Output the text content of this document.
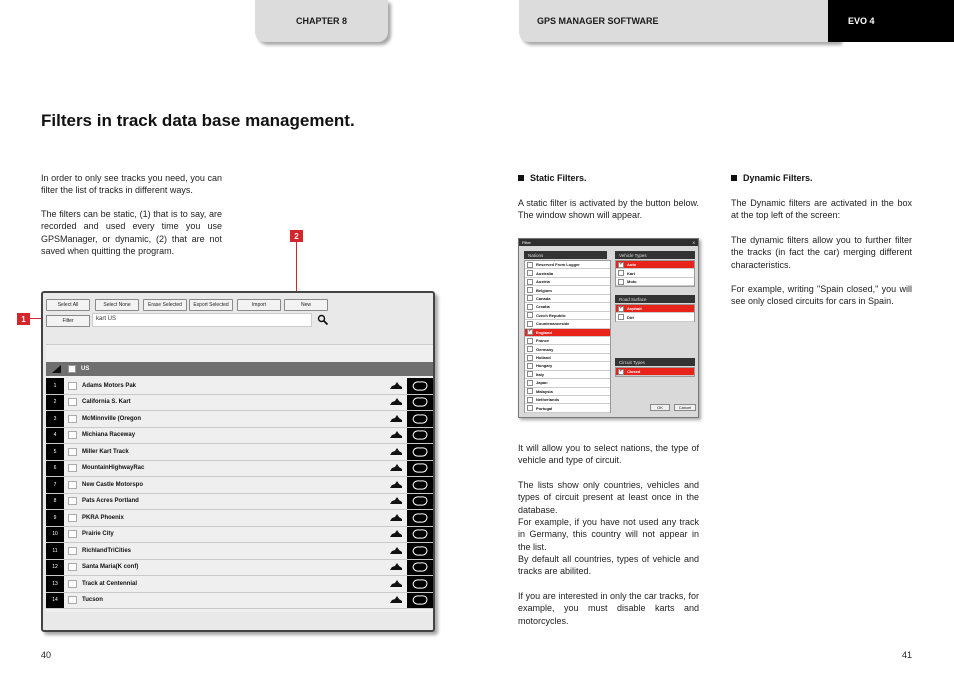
CHAPTER 8	GPS MANAGER SOFTWARE	EVO 4
Filters in track data base management.
In order to only see tracks you need, you can filter the list of tracks in different ways.
The filters can be static, (1) that is to say, are recorded and used every time you use GPSManager, or dynamic, (2) that are not saved when quitting the program.
2
1
Select All	Select None	Erase Selected	Export Selected	Import	New
Filter	kart US
US
1	Adams Motors Pak
2	California S. Kart
3	McMinnville (Oregon
4	Michiana Raceway
5	Miller Kart Track
6	MountainHighwayRac
7	New Castle Motorspo
8	Pats Acres Portland
9	PKRA Phoenix
10	Prairie City
11	RichlandTriCities
12	Santa Maria(K conf)
13	Track at Centennial
14	Tucson
Static Filters.
A static filter is activated by the button below. The window shown will appear.
Filter	X
Nations
Reserved From Logger
Australia
Austria
Belgium
Canada
Croatia
Czech Republic
Countenanceside
✓
England
France
Germany
Holland
Hungary
Italy
Japan
Malaysia
Netherlands
Portugal
Vehicle Types
✓
Auto
Kart
Moto
Road Surface
✓
Asphalt
Dirt
Circuit Types
✓
Closed
OK	Cancel
It will allow you to select nations, the type of vehicle and type of circuit.
The lists show only countries, vehicles and types of circuit present at least once in the database.
For example, if you have not used any track in Germany, this country will not appear in the list.
By default all countries, types of vehicle and tracks are abilited.
If you are interested in only the car tracks, for example, you must disable karts and motorcycles.
Dynamic Filters.
The Dynamic filters are activated in the box at the top left of the screen:
The dynamic filters allow you to further filter the tracks (in fact the car) merging different characteristics.
For example, writing "Spain closed," you will see only closed circuits for cars in Spain.
40	41
